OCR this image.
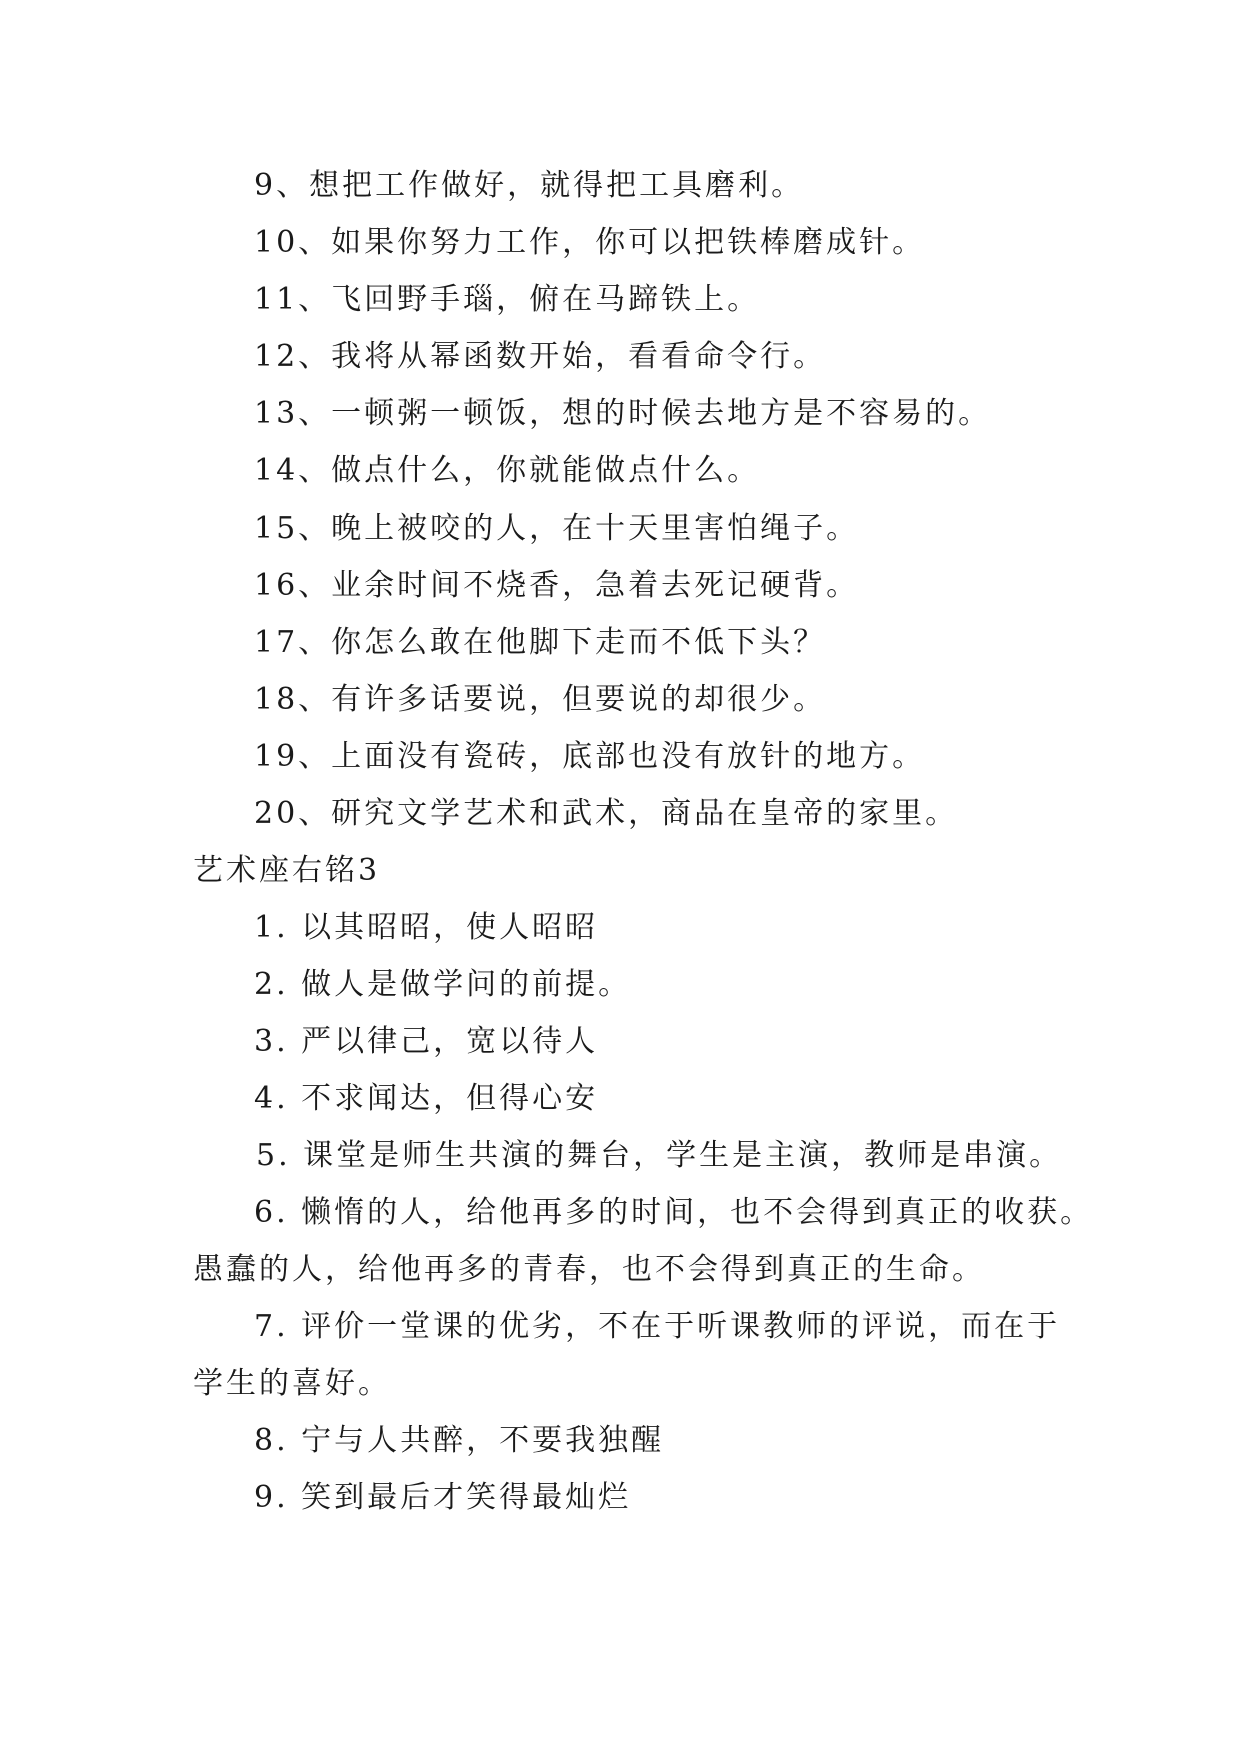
9、想把工作做好，就得把工具磨利。
10、如果你努力工作，你可以把铁棒磨成针。
11、飞回野手瑙，俯在马蹄铁上。
12、我将从幂函数开始，看看命令行。
13、一顿粥一顿饭，想的时候去地方是不容易的。
14、做点什么，你就能做点什么。
15、晚上被咬的人，在十天里害怕绳子。
16、业余时间不烧香，急着去死记硬背。
17、你怎么敢在他脚下走而不低下头？
18、有许多话要说，但要说的却很少。
19、上面没有瓷砖，底部也没有放针的地方。
20、研究文学艺术和武术，商品在皇帝的家里。
艺术座右铭3
1. 以其昭昭，使人昭昭
2. 做人是做学问的前提。
3. 严以律己，宽以待人
4. 不求闻达，但得心安
5. 课堂是师生共演的舞台，学生是主演，教师是串演。
6. 懒惰的人，给他再多的时间，也不会得到真正的收获。
愚蠢的人，给他再多的青春，也不会得到真正的生命。
7. 评价一堂课的优劣，不在于听课教师的评说，而在于
学生的喜好。
8. 宁与人共醉，不要我独醒
9. 笑到最后才笑得最灿烂
